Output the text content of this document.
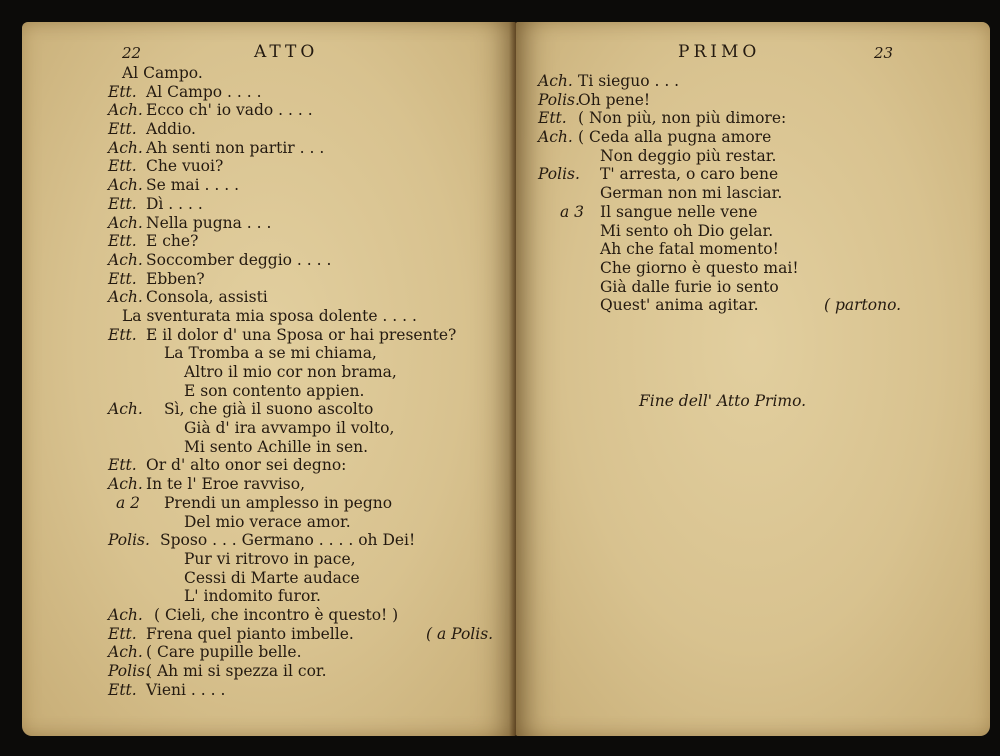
22	ATTO
Al Campo.
Ett. Al Campo . . . .
Ach. Ecco ch' io vado . . . .
Ett. Addio.
Ach. Ah senti non partir . . .
Ett. Che vuoi?
Ach. Se mai . . . .
Ett. Dì . . . .
Ach. Nella pugna . . .
Ett. E che?
Ach. Soccomber deggio . . . .
Ett. Ebben?
Ach. Consola, assisti
La sventurata mia sposa dolente . . . .
Ett. E il dolor d' una Sposa or hai presente?
La Tromba a se mi chiama,
Altro il mio cor non brama,
E son contento appien.
Ach. Sì, che già il suono ascolto
Già d' ira avvampo il volto,
Mi sento Achille in sen.
Ett. Or d' alto onor sei degno:
Ach. In te l' Eroe ravviso,
a 2 Prendi un amplesso in pegno
Del mio verace amor.
Polis. Sposo . . . Germano . . . . oh Dei!
Pur vi ritrovo in pace,
Cessi di Marte audace
L' indomito furor.
Ach. ( Cieli, che incontro è questo! )
Ett. Frena quel pianto imbelle.	( a Polis.
Ach. ( Care pupille belle.
Polis.
( Ah mi si spezza il cor.
Ett. Vieni . . . .
PRIMO	23
Ach. Ti sieguo . . .
Polis.
Oh pene!
Ett. ( Non più, non più dimore:
Ach. ( Ceda alla pugna amore
Non deggio più restar.
Polis. T' arresta, o caro bene
German non mi lasciar.
a 3 Il sangue nelle vene
Mi sento oh Dio gelar.
Ah che fatal momento!
Che giorno è questo mai!
Già dalle furie io sento
Quest' anima agitar.	( partono.
Fine dell' Atto Primo.
